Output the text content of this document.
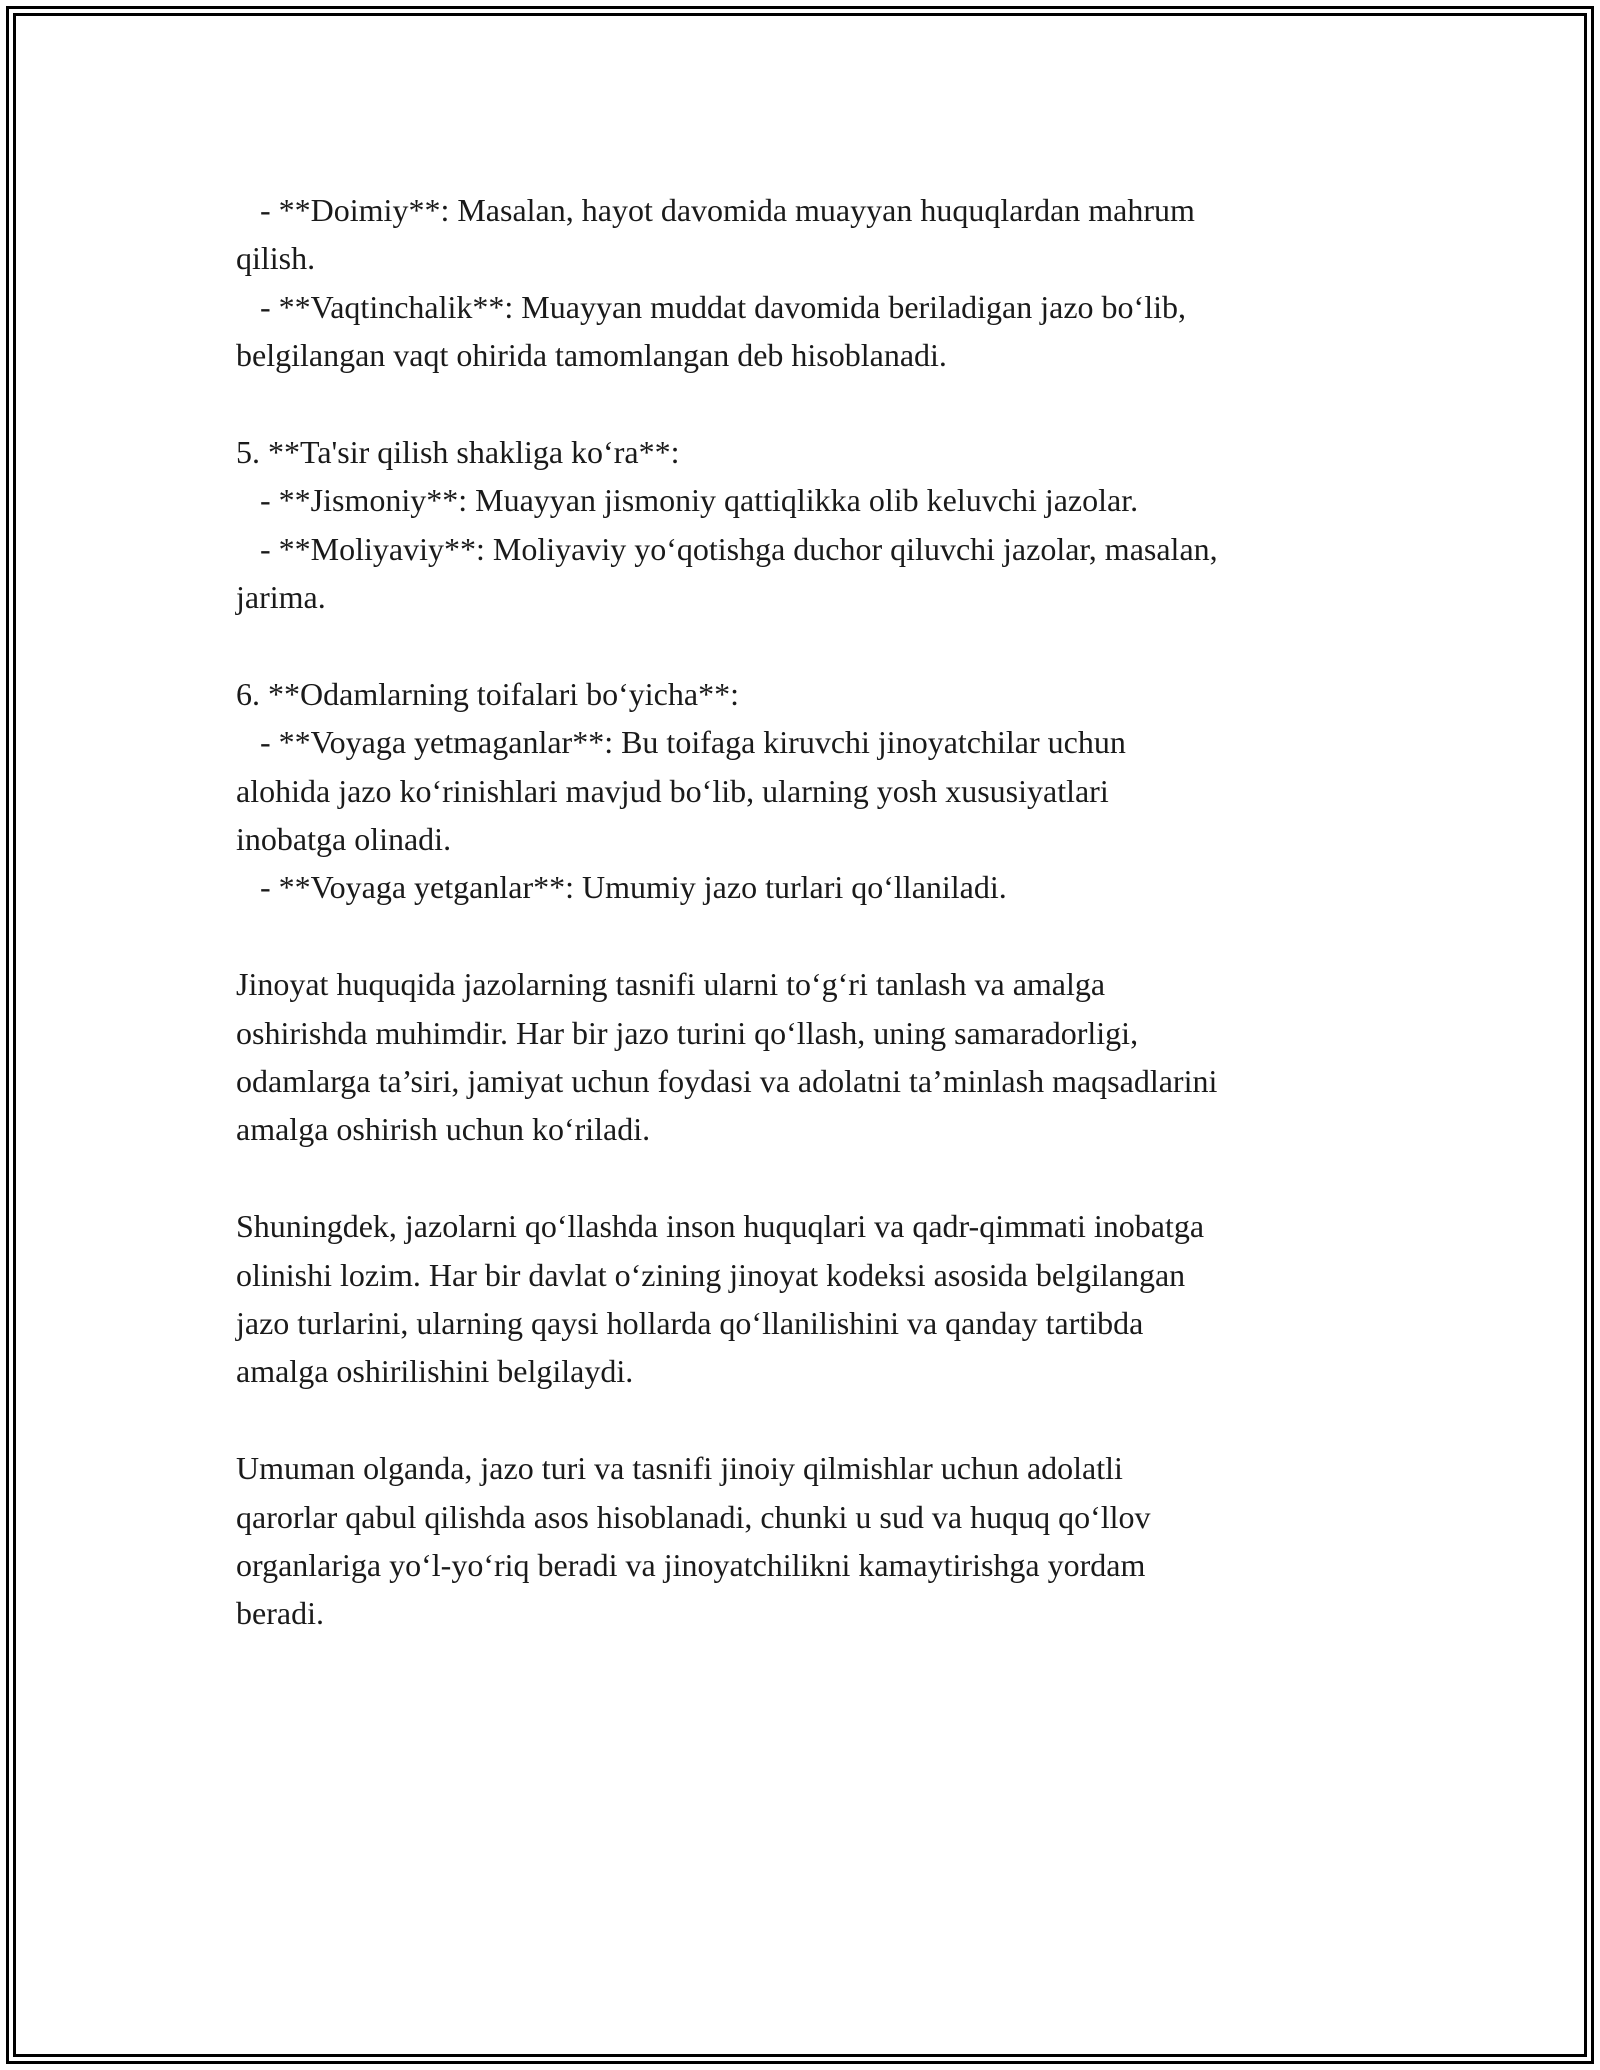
- **Doimiy**: Masalan, hayot davomida muayyan huquqlardan mahrum
qilish.
- **Vaqtinchalik**: Muayyan muddat davomida beriladigan jazo bo‘lib,
belgilangan vaqt ohirida tamomlangan deb hisoblanadi.
5. **Ta'sir qilish shakliga ko‘ra**:
- **Jismoniy**: Muayyan jismoniy qattiqlikka olib keluvchi jazolar.
- **Moliyaviy**: Moliyaviy yo‘qotishga duchor qiluvchi jazolar, masalan,
jarima.
6. **Odamlarning toifalari bo‘yicha**:
- **Voyaga yetmaganlar**: Bu toifaga kiruvchi jinoyatchilar uchun
alohida jazo ko‘rinishlari mavjud bo‘lib, ularning yosh xususiyatlari
inobatga olinadi.
- **Voyaga yetganlar**: Umumiy jazo turlari qo‘llaniladi.
Jinoyat huquqida jazolarning tasnifi ularni to‘g‘ri tanlash va amalga
oshirishda muhimdir. Har bir jazo turini qo‘llash, uning samaradorligi,
odamlarga ta’siri, jamiyat uchun foydasi va adolatni ta’minlash maqsadlarini
amalga oshirish uchun ko‘riladi.
Shuningdek, jazolarni qo‘llashda inson huquqlari va qadr-qimmati inobatga
olinishi lozim. Har bir davlat o‘zining jinoyat kodeksi asosida belgilangan
jazo turlarini, ularning qaysi hollarda qo‘llanilishini va qanday tartibda
amalga oshirilishini belgilaydi.
Umuman olganda, jazo turi va tasnifi jinoiy qilmishlar uchun adolatli
qarorlar qabul qilishda asos hisoblanadi, chunki u sud va huquq qo‘llov
organlariga yo‘l-yo‘riq beradi va jinoyatchilikni kamaytirishga yordam
beradi.
